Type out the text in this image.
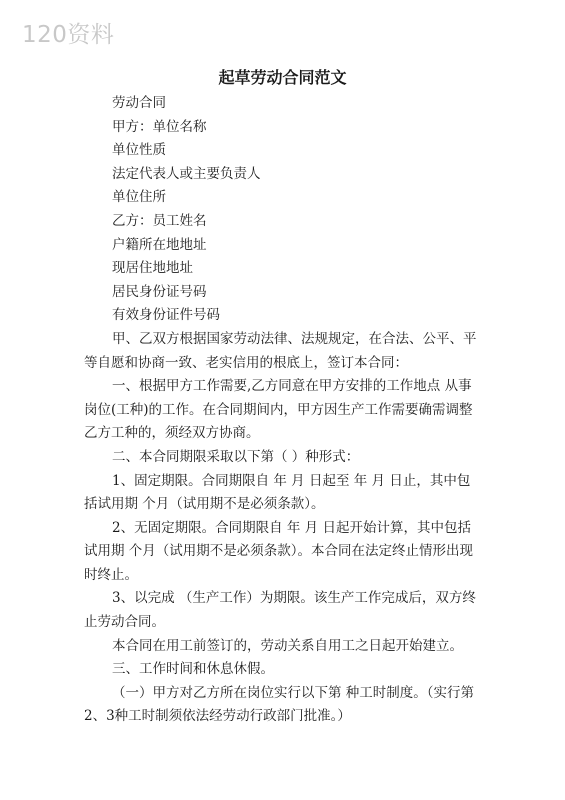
120资料
起草劳动合同范文

劳动合同

甲方：单位名称

单位性质

法定代表人或主要负责人

单位住所

乙方：员工姓名

户籍所在地地址

现居住地地址

居民身份证号码

有效身份证件号码

甲、乙双方根据国家劳动法律、法规规定，在合法、公平、平

等自愿和协商一致、老实信用的根底上，签订本合同：

一、根据甲方工作需要,乙方同意在甲方安排的工作地点 从事

岗位(工种)的工作。在合同期间内，甲方因生产工作需要确需调整

乙方工种的，须经双方协商。

二、本合同期限采取以下第（ ）种形式：

1、固定期限。合同期限自 年 月 日起至 年 月 日止，其中包

括试用期 个月（试用期不是必须条款）。

2、无固定期限。合同期限自 年 月 日起开始计算，其中包括

试用期 个月（试用期不是必须条款）。本合同在法定终止情形出现

时终止。

3、以完成 （生产工作）为期限。该生产工作完成后，双方终

止劳动合同。

本合同在用工前签订的，劳动关系自用工之日起开始建立。

三、工作时间和休息休假。

（一）甲方对乙方所在岗位实行以下第 种工时制度。（实行第

2、3种工时制须依法经劳动行政部门批准。）
